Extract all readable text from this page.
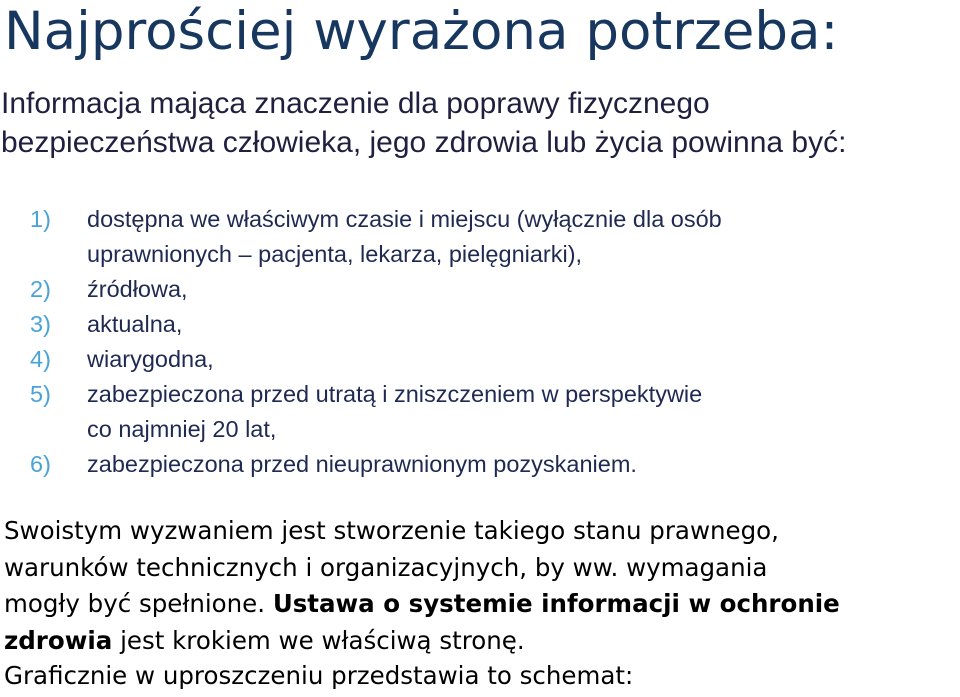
Najprościej wyrażona potrzeba:
Informacja mająca znaczenie dla poprawy fizycznego
bezpieczeństwa człowieka, jego zdrowia lub życia powinna być:
1)	dostępna we właściwym czasie i miejscu (wyłącznie dla osób
uprawnionych – pacjenta, lekarza, pielęgniarki),
2)	źródłowa,
3)	aktualna,
4)	wiarygodna,
5)	zabezpieczona przed utratą i zniszczeniem w perspektywie
co najmniej 20 lat,
6)	zabezpieczona przed nieuprawnionym pozyskaniem.
Swoistym wyzwaniem jest stworzenie takiego stanu prawnego,
warunków technicznych i organizacyjnych, by ww. wymagania
mogły być spełnione. Ustawa o systemie informacji w ochronie
zdrowia jest krokiem we właściwą stronę.
Graficznie w uproszczeniu przedstawia to schemat:
